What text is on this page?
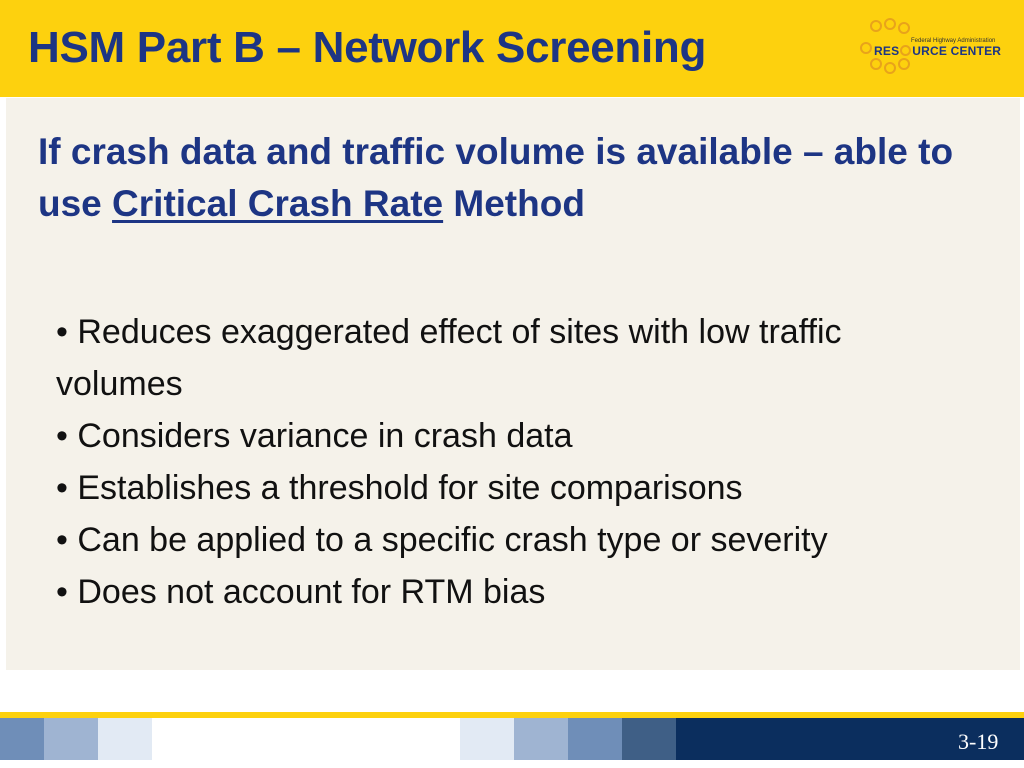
HSM Part B – Network Screening	Federal Highway Administration
RES URCE CENTER
If crash data and traffic volume is available – able to use Critical Crash Rate Method
• Reduces exaggerated effect of sites with low traffic volumes
• Considers variance in crash data
• Establishes a threshold for site comparisons
• Can be applied to a specific crash type or severity
• Does not account for RTM bias
3-19
